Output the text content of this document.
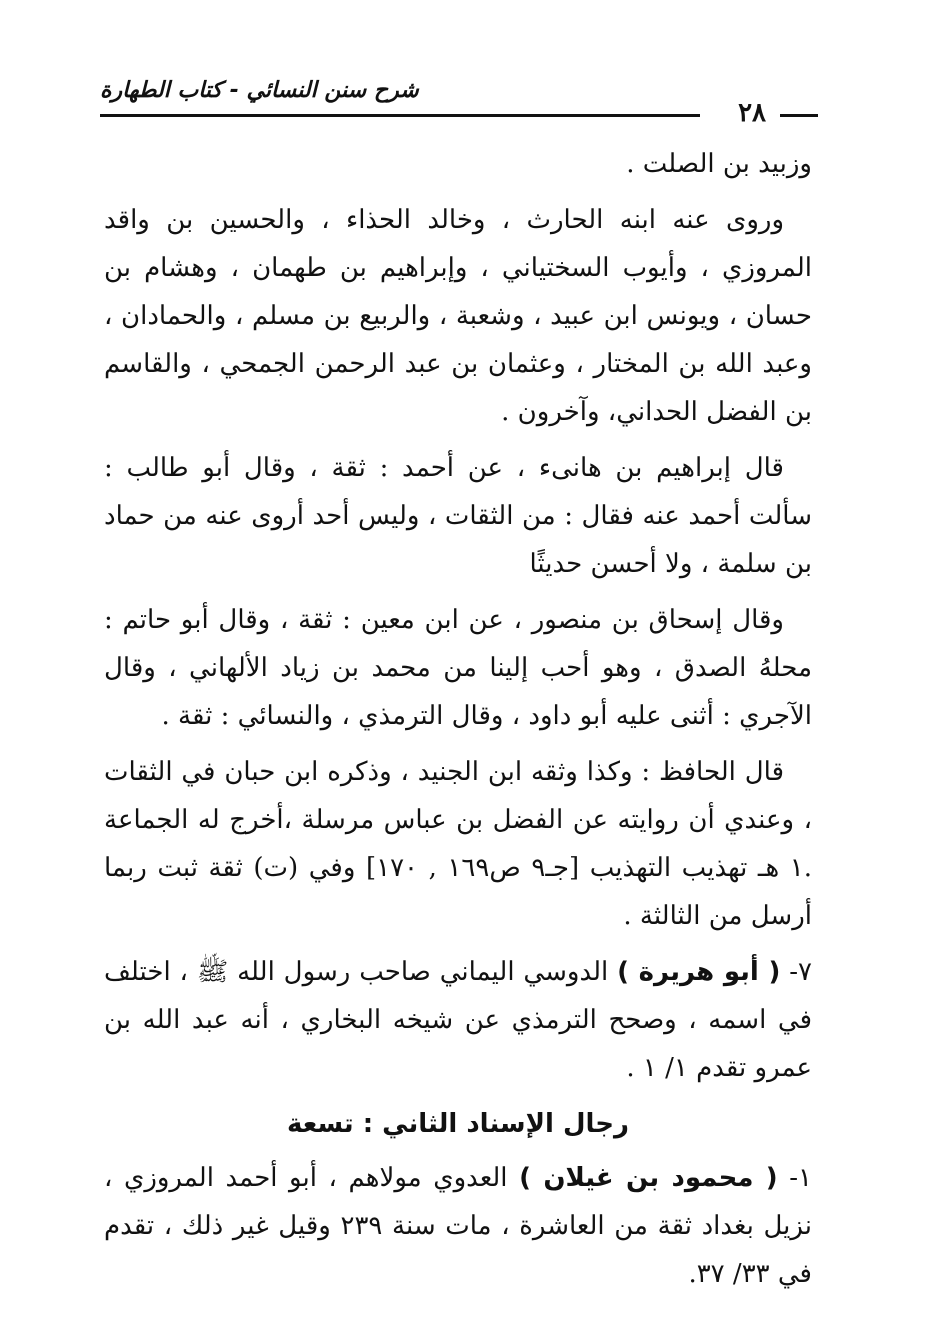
شرح سنن النسائي - كتاب الطهارة
٢٨

وزبيد بن الصلت .

وروى عنه ابنه الحارث ، وخالد الحذاء ، والحسين بن واقد المروزي ، وأيوب السختياني ، وإبراهيم بن طهمان ، وهشام بن حسان ، ويونس ابن عبيد ، وشعبة ، والربيع بن مسلم ، والحمادان ، وعبد الله بن المختار ، وعثمان بن عبد الرحمن الجمحي ، والقاسم بن الفضل الحداني، وآخرون .

قال إبراهيم بن هانىء ، عن أحمد : ثقة ، وقال أبو طالب : سألت أحمد عنه فقال : من الثقات ، وليس أحد أروى عنه من حماد بن سلمة ، ولا أحسن حديثًا

وقال إسحاق بن منصور ، عن ابن معين : ثقة ، وقال أبو حاتم : محلهُ الصدق ، وهو أحب إلينا من محمد بن زياد الألهاني ، وقال الآجري : أثنى عليه أبو داود ، وقال الترمذي ، والنسائي : ثقة .

قال الحافظ : وكذا وثقه ابن الجنيد ، وذكره ابن حبان في الثقات ، وعندي أن روايته عن الفضل بن عباس مرسلة ،أخرج له الجماعة .١ هـ تهذيب التهذيب [جـ٩ ص١٦٩ , ١٧٠] وفي (ت) ثقة ثبت ربما أرسل من الثالثة .

٧- ( أبو هريرة ) الدوسي اليماني صاحب رسول الله ﷺ ، اختلف في اسمه ، وصحح الترمذي عن شيخه البخاري ، أنه عبد الله بن عمرو تقدم ١/ ١ .

رجال الإسناد الثاني : تسعة

١- ( محمود بن غيلان ) العدوي مولاهم ، أبو أحمد المروزي ، نزيل بغداد ثقة من العاشرة ، مات سنة ٢٣٩ وقيل غير ذلك ، تقدم في ٣٣/ ٣٧.
